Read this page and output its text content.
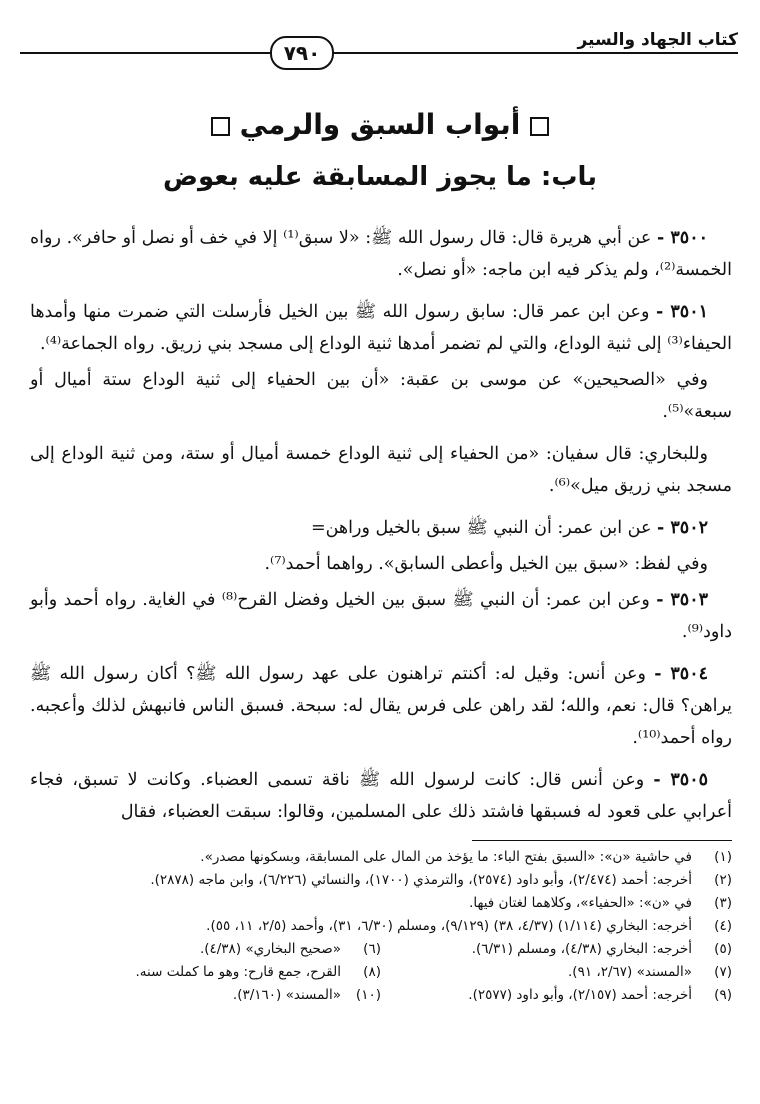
كتاب الجهاد والسير
٧٩٠
أبواب السبق والرمي
باب: ما يجوز المسابقة عليه بعوض

٣٥٠٠ - عن أبي هريرة قال: قال رسول الله ﷺ: «لا سبق⁽¹⁾ إلا في خف أو نصل أو حافر». رواه الخمسة⁽²⁾، ولم يذكر فيه ابن ماجه: «أو نصل».

٣٥٠١ - وعن ابن عمر قال: سابق رسول الله ﷺ بين الخيل فأرسلت التي ضمرت منها وأمدها الحيفاء⁽³⁾ إلى ثنية الوداع، والتي لم تضمر أمدها ثنية الوداع إلى مسجد بني زريق. رواه الجماعة⁽⁴⁾.

وفي «الصحيحين» عن موسى بن عقبة: «أن بين الحفياء إلى ثنية الوداع ستة أميال أو سبعة»⁽⁵⁾.

وللبخاري: قال سفيان: «من الحفياء إلى ثنية الوداع خمسة أميال أو ستة، ومن ثنية الوداع إلى مسجد بني زريق ميل»⁽⁶⁾.

٣٥٠٢ - عن ابن عمر: أن النبي ﷺ سبق بالخيل وراهن=

وفي لفظ: «سبق بين الخيل وأعطى السابق». رواهما أحمد⁽⁷⁾.

٣٥٠٣ - وعن ابن عمر: أن النبي ﷺ سبق بين الخيل وفضل القرح⁽⁸⁾ في الغاية. رواه أحمد وأبو داود⁽⁹⁾.

٣٥٠٤ - وعن أنس: وقيل له: أكنتم تراهنون على عهد رسول الله ﷺ؟ أكان رسول الله ﷺ يراهن؟ قال: نعم، والله؛ لقد راهن على فرس يقال له: سبحة. فسبق الناس فانبهش لذلك وأعجبه. رواه أحمد⁽¹⁰⁾.

٣٥٠٥ - وعن أنس قال: كانت لرسول الله ﷺ ناقة تسمى العضباء. وكانت لا تسبق، فجاء أعرابي على قعود له فسبقها فاشتد ذلك على المسلمين، وقالوا: سبقت العضباء، فقال

(١)
في حاشية «ن»: «السبق بفتح الباء: ما يؤخذ من المال على المسابقة، وبسكونها مصدر».
(٢)
أخرجه: أحمد (٢/٤٧٤)، وأبو داود (٢٥٧٤)، والترمذي (١٧٠٠)، والنسائي (٦/٢٢٦)، وابن ماجه (٢٨٧٨).
(٣)
في «ن»: «الحفياء»، وكلاهما لغتان فيها.
(٤)
أخرجه: البخاري (١/١١٤) (٤/٣٧، ٣٨) (٩/١٢٩)، ومسلم (٦/٣٠، ٣١)، وأحمد (٢/٥، ١١، ٥٥).
(٥)
أخرجه: البخاري (٤/٣٨)، ومسلم (٦/٣١).
(٦)
«صحيح البخاري» (٤/٣٨).
(٧)
«المسند» (٢/٦٧، ٩١).
(٨)
القرح، جمع قارح: وهو ما كملت سنه.
(٩)
أخرجه: أحمد (٢/١٥٧)، وأبو داود (٢٥٧٧).
(١٠)
«المسند» (٣/١٦٠).
